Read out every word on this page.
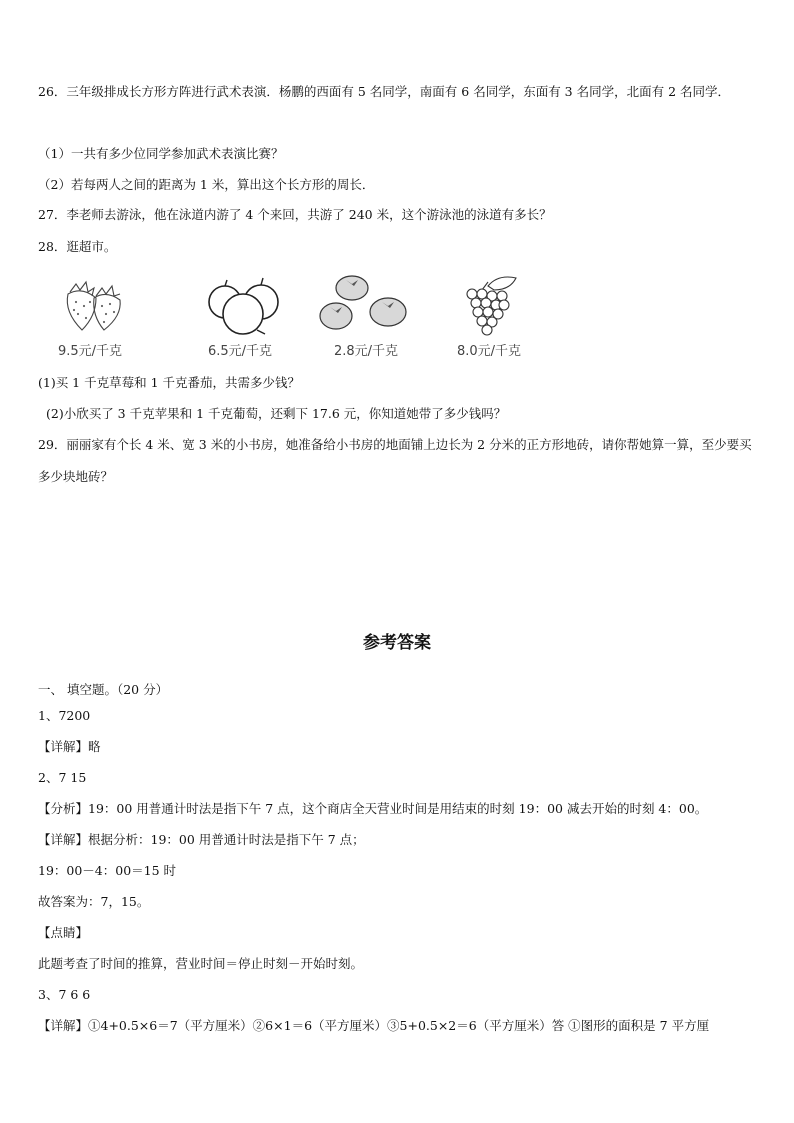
26．三年级排成长方形方阵进行武术表演．杨鹏的西面有 5 名同学，南面有 6 名同学，东面有 3 名同学，北面有 2 名同学．
（1）一共有多少位同学参加武术表演比赛？
（2）若每两人之间的距离为 1 米，算出这个长方形的周长．
27．李老师去游泳，他在泳道内游了 4 个来回，共游了 240 米，这个游泳池的泳道有多长？
28．逛超市。
9.5元/千克	6.5元/千克	2.8元/千克	8.0元/千克
(1)买 1 千克草莓和 1 千克番茄，共需多少钱？
(2)小欣买了 3 千克苹果和 1 千克葡萄，还剩下 17.6 元，你知道她带了多少钱吗？
29．丽丽家有个长 4 米、宽 3 米的小书房，她准备给小书房的地面铺上边长为 2 分米的正方形地砖，请你帮她算一算，至少要买多少块地砖？
参考答案
一、 填空题。（20 分）
1、7200
【详解】略
2、7 15
【分析】19：00 用普通计时法是指下午 7 点，这个商店全天营业时间是用结束的时刻 19：00 减去开始的时刻 4：00。
【详解】根据分析：19：00 用普通计时法是指下午 7 点；
19：00－4：00＝15 时
故答案为：7，15。
【点睛】
此题考查了时间的推算，营业时间＝停止时刻－开始时刻。
3、7 6 6
【详解】①4+0.5×6＝7（平方厘米）②6×1＝6（平方厘米）③5+0.5×2＝6（平方厘米）答 ①图形的面积是 7 平方厘
